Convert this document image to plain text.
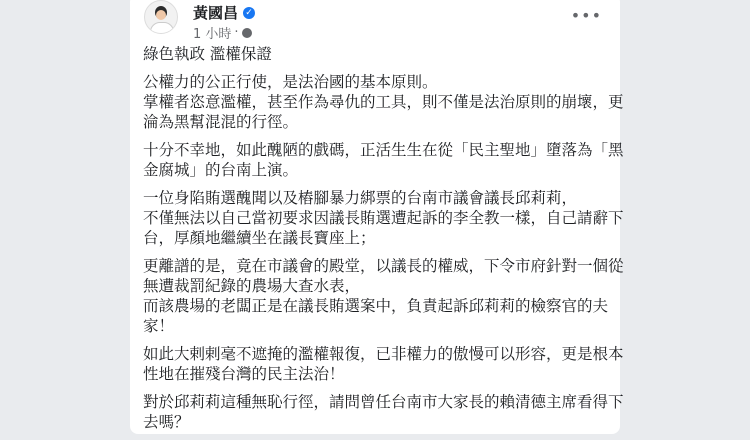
黃國昌 ✓
1 小時 ·
•••
綠色執政 濫權保證
公權力的公正行使，是法治國的基本原則。
掌權者恣意濫權，甚至作為尋仇的工具，則不僅是法治原則的崩壞，更
淪為黑幫混混的行徑。
十分不幸地，如此醜陋的戲碼，正活生生在從「民主聖地」墮落為「黑
金腐城」的台南上演。
一位身陷賄選醜聞以及樁腳暴力綁票的台南市議會議長邱莉莉，
不僅無法以自己當初要求因議長賄選遭起訴的李全教一樣，自己請辭下
台，厚顏地繼續坐在議長寶座上；
更離譜的是，竟在市議會的殿堂，以議長的權威，下令市府針對一個從
無遭裁罰紀錄的農場大查水表，
而該農場的老闆正是在議長賄選案中，負責起訴邱莉莉的檢察官的夫
家！
如此大剌剌毫不遮掩的濫權報復，已非權力的傲慢可以形容，更是根本
性地在摧殘台灣的民主法治！
對於邱莉莉這種無恥行徑，請問曾任台南市大家長的賴清德主席看得下
去嗎？
